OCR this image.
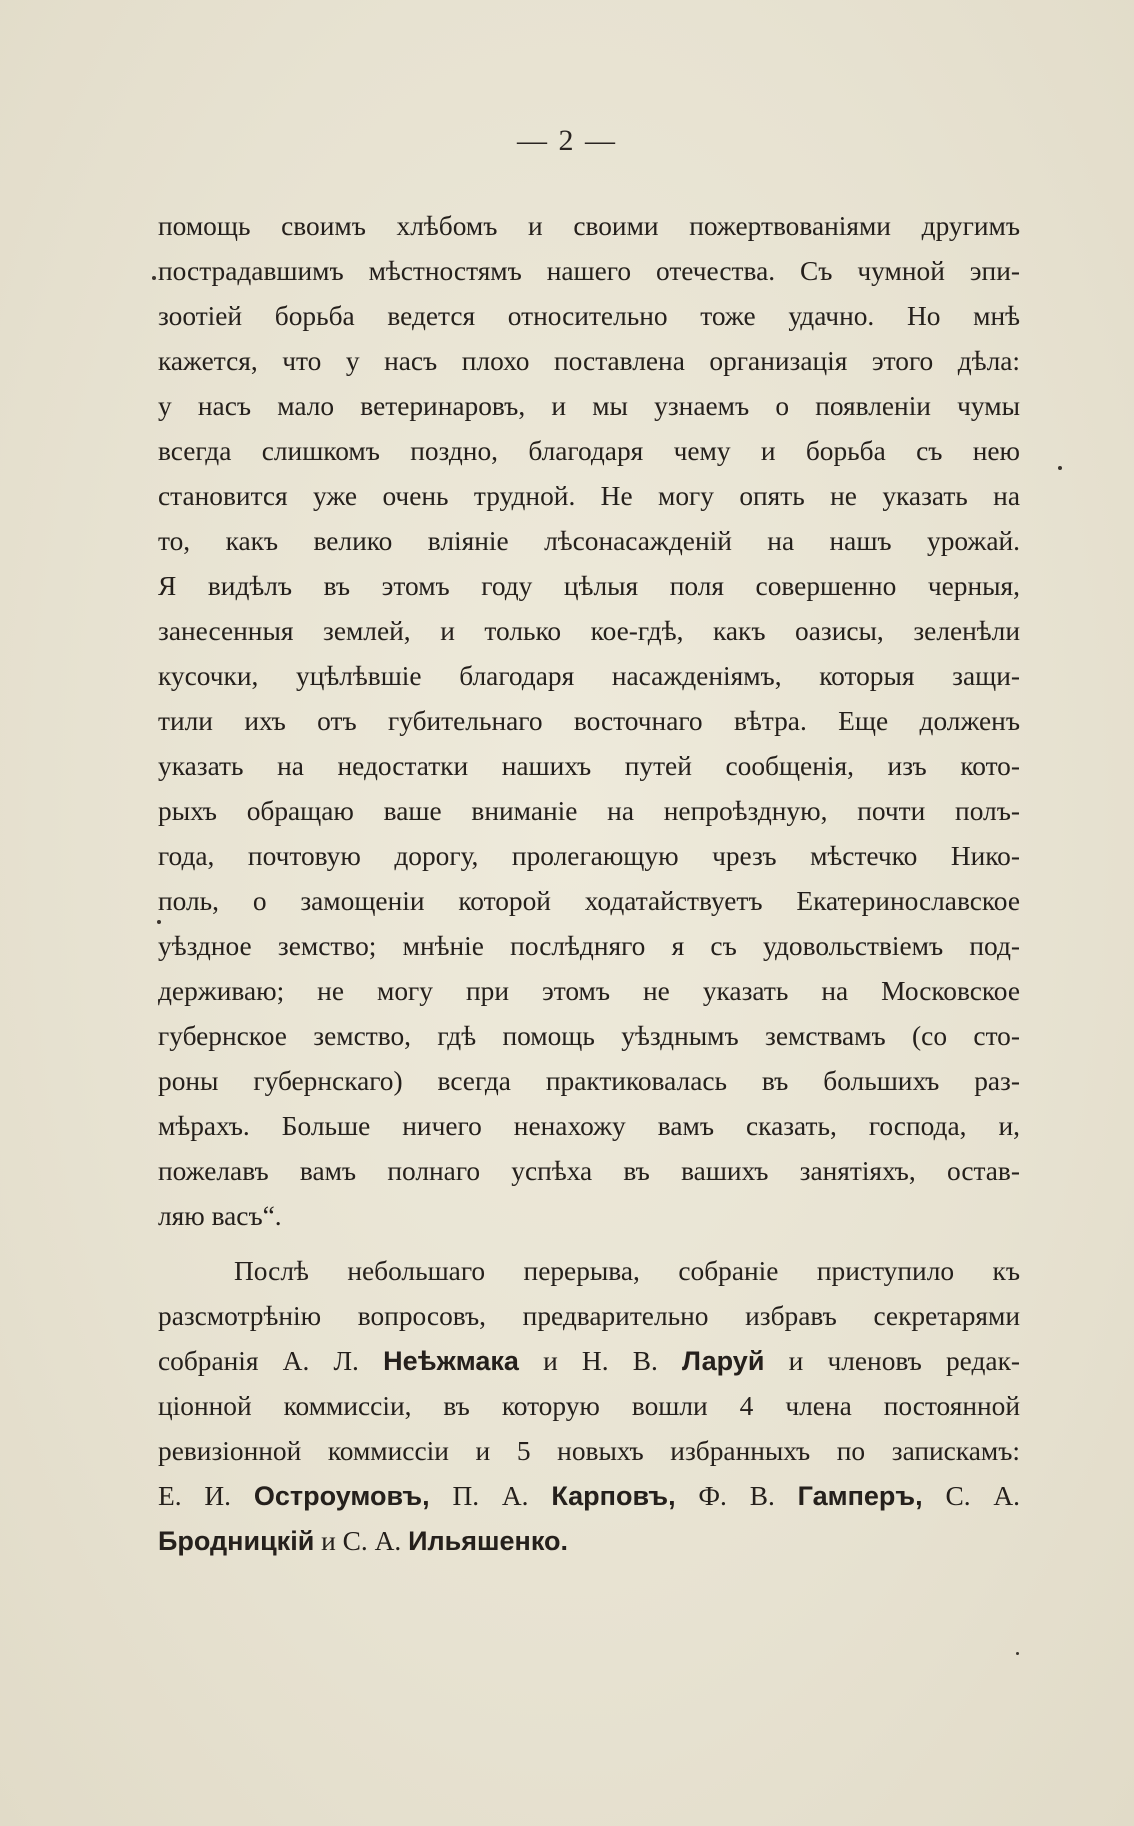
— 2 —
помощь своимъ хлѣбомъ и своими пожертвованіями другимъ
пострадавшимъ мѣстностямъ нашего отечества. Съ чумной эпи-
зоотіей борьба ведется относительно тоже удачно. Но мнѣ
кажется, что у насъ плохо поставлена организація этого дѣла:
у насъ мало ветеринаровъ, и мы узнаемъ о появленіи чумы
всегда слишкомъ поздно, благодаря чему и борьба съ нею
становится уже очень трудной. Не могу опять не указать на
то, какъ велико вліяніе лѣсонасажденій на нашъ урожай.
Я видѣлъ въ этомъ году цѣлыя поля совершенно черныя,
занесенныя землей, и только кое-гдѣ, какъ оазисы, зеленѣли
кусочки, уцѣлѣвшіе благодаря насажденіямъ, которыя защи-
тили ихъ отъ губительнаго восточнаго вѣтра. Еще долженъ
указать на недостатки нашихъ путей сообщенія, изъ кото-
рыхъ обращаю ваше вниманіе на непроѣздную, почти полъ-
года, почтовую дорогу, пролегающую чрезъ мѣстечко Нико-
поль, о замощеніи которой ходатайствуетъ Екатеринославское
уѣздное земство; мнѣніе послѣдняго я съ удовольствіемъ под-
держиваю; не могу при этомъ не указать на Московское
губернское земство, гдѣ помощь уѣзднымъ земствамъ (со сто-
роны губернскаго) всегда практиковалась въ большихъ раз-
мѣрахъ. Больше ничего ненахожу вамъ сказать, господа, и,
пожелавъ вамъ полнаго успѣха въ вашихъ занятіяхъ, остав-
ляю васъ“.
Послѣ небольшаго перерыва, собраніе приступило къ
разсмотрѣнію вопросовъ, предварительно избравъ секретарями
собранія А. Л. Неѣжмака и Н. В. Ларуй и членовъ редак-
ціонной коммиссіи, въ которую вошли 4 члена постоянной
ревизіонной коммиссіи и 5 новыхъ избранныхъ по запискамъ:
Е. И. Остроумовъ, П. А. Карповъ, Ф. В. Гамперъ, С. А.
Бродницкій и С. А. Ильяшенко.
